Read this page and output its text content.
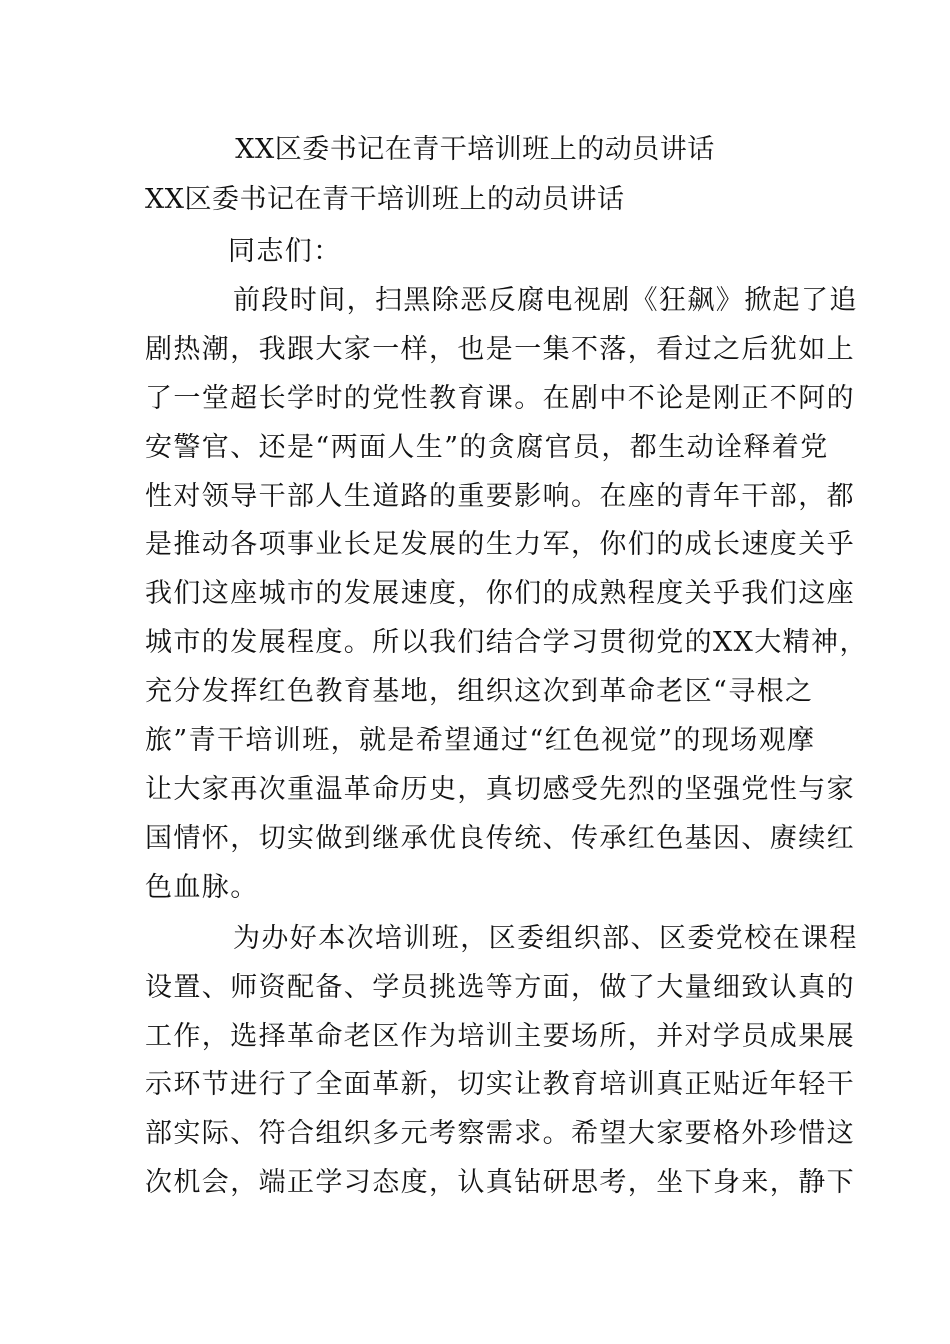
XX区委书记在青干培训班上的动员讲话
XX区委书记在青干培训班上的动员讲话
同志们：
前段时间，扫黑除恶反腐电视剧《狂飙》掀起了追
剧热潮，我跟大家一样，也是一集不落，看过之后犹如上
了一堂超长学时的党性教育课。在剧中不论是刚正不阿的
安警官、还是“两面人生”的贪腐官员，都生动诠释着党
性对领导干部人生道路的重要影响。在座的青年干部，都
是推动各项事业长足发展的生力军，你们的成长速度关乎
我们这座城市的发展速度，你们的成熟程度关乎我们这座
城市的发展程度。所以我们结合学习贯彻党的XX大精神，
充分发挥红色教育基地，组织这次到革命老区“寻根之
旅”青干培训班，就是希望通过“红色视觉”的现场观摩
让大家再次重温革命历史，真切感受先烈的坚强党性与家
国情怀，切实做到继承优良传统、传承红色基因、赓续红
色血脉。
为办好本次培训班，区委组织部、区委党校在课程
设置、师资配备、学员挑选等方面，做了大量细致认真的
工作，选择革命老区作为培训主要场所，并对学员成果展
示环节进行了全面革新，切实让教育培训真正贴近年轻干
部实际、符合组织多元考察需求。希望大家要格外珍惜这
次机会，端正学习态度，认真钻研思考，坐下身来，静下
